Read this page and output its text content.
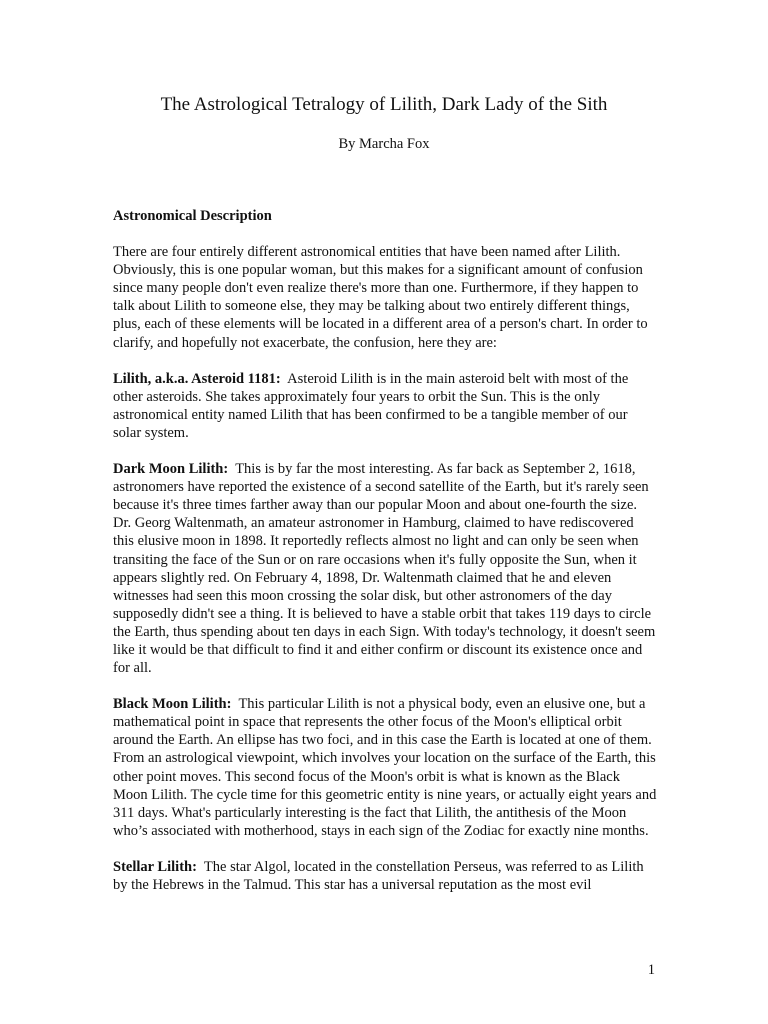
The Astrological Tetralogy of Lilith, Dark Lady of the Sith

By Marcha Fox

Astronomical Description

There are four entirely different astronomical entities that have been named after Lilith. Obviously, this is one popular woman, but this makes for a significant amount of confusion since many people don't even realize there's more than one. Furthermore, if they happen to talk about Lilith to someone else, they may be talking about two entirely different things, plus, each of these elements will be located in a different area of a person's chart. In order to clarify, and hopefully not exacerbate, the confusion, here they are:

Lilith, a.k.a. Asteroid 1181: Asteroid Lilith is in the main asteroid belt with most of the other asteroids. She takes approximately four years to orbit the Sun. This is the only astronomical entity named Lilith that has been confirmed to be a tangible member of our solar system.

Dark Moon Lilith: This is by far the most interesting. As far back as September 2, 1618, astronomers have reported the existence of a second satellite of the Earth, but it's rarely seen because it's three times farther away than our popular Moon and about one-fourth the size. Dr. Georg Waltenmath, an amateur astronomer in Hamburg, claimed to have rediscovered this elusive moon in 1898. It reportedly reflects almost no light and can only be seen when transiting the face of the Sun or on rare occasions when it's fully opposite the Sun, when it appears slightly red. On February 4, 1898, Dr. Waltenmath claimed that he and eleven witnesses had seen this moon crossing the solar disk, but other astronomers of the day supposedly didn't see a thing. It is believed to have a stable orbit that takes 119 days to circle the Earth, thus spending about ten days in each Sign. With today's technology, it doesn't seem like it would be that difficult to find it and either confirm or discount its existence once and for all.

Black Moon Lilith: This particular Lilith is not a physical body, even an elusive one, but a mathematical point in space that represents the other focus of the Moon's elliptical orbit around the Earth. An ellipse has two foci, and in this case the Earth is located at one of them. From an astrological viewpoint, which involves your location on the surface of the Earth, this other point moves. This second focus of the Moon's orbit is what is known as the Black Moon Lilith. The cycle time for this geometric entity is nine years, or actually eight years and 311 days. What's particularly interesting is the fact that Lilith, the antithesis of the Moon who’s associated with motherhood, stays in each sign of the Zodiac for exactly nine months.

Stellar Lilith: The star Algol, located in the constellation Perseus, was referred to as Lilith by the Hebrews in the Talmud. This star has a universal reputation as the most evil

1
